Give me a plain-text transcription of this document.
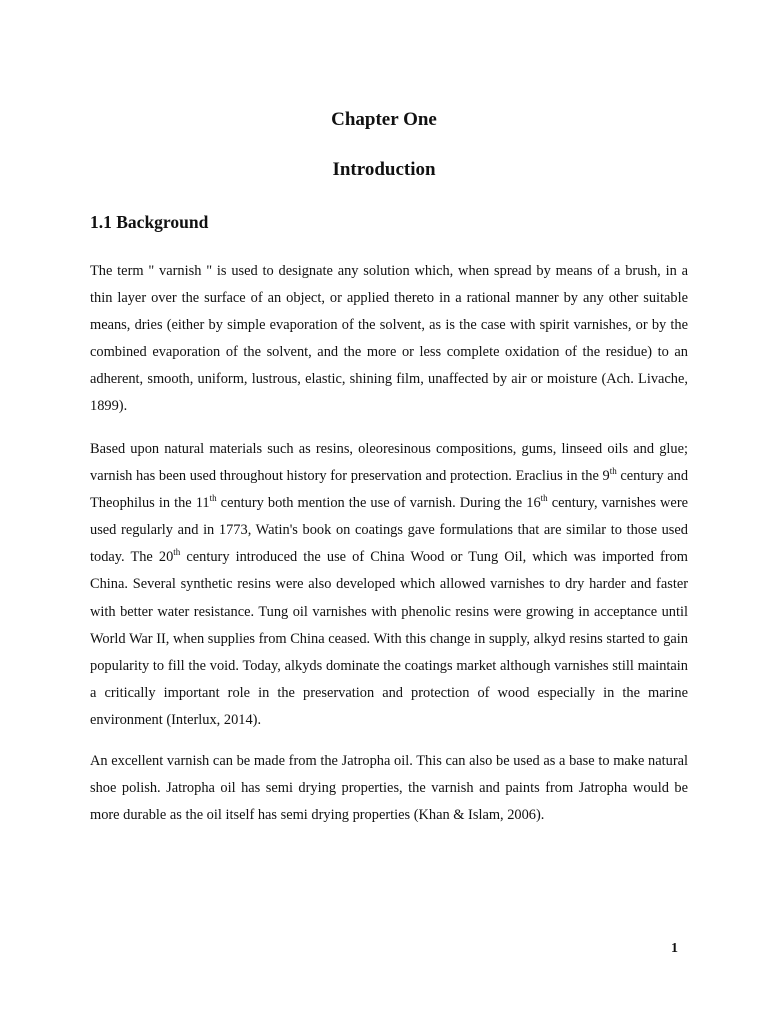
Chapter One
Introduction
1.1 Background

The term " varnish " is used to designate any solution which, when spread by means of a brush, in a thin layer over the surface of an object, or applied thereto in a rational manner by any other suitable means, dries (either by simple evaporation of the solvent, as is the case with spirit varnishes, or by the combined evaporation of the solvent, and the more or less complete oxidation of the residue) to an adherent, smooth, uniform, lustrous, elastic, shining film, unaffected by air or moisture (Ach. Livache, 1899).

Based upon natural materials such as resins, oleoresinous compositions, gums, linseed oils and glue; varnish has been used throughout history for preservation and protection. Eraclius in the 9th century and Theophilus in the 11th century both mention the use of varnish. During the 16th century, varnishes were used regularly and in 1773, Watin's book on coatings gave formulations that are similar to those used today. The 20th century introduced the use of China Wood or Tung Oil, which was imported from China. Several synthetic resins were also developed which allowed varnishes to dry harder and faster with better water resistance. Tung oil varnishes with phenolic resins were growing in acceptance until World War II, when supplies from China ceased. With this change in supply, alkyd resins started to gain popularity to fill the void. Today, alkyds dominate the coatings market although varnishes still maintain a critically important role in the preservation and protection of wood especially in the marine environment (Interlux, 2014).

An excellent varnish can be made from the Jatropha oil. This can also be used as a base to make natural shoe polish. Jatropha oil has semi drying properties, the varnish and paints from Jatropha would be more durable as the oil itself has semi drying properties (Khan & Islam, 2006).

1
